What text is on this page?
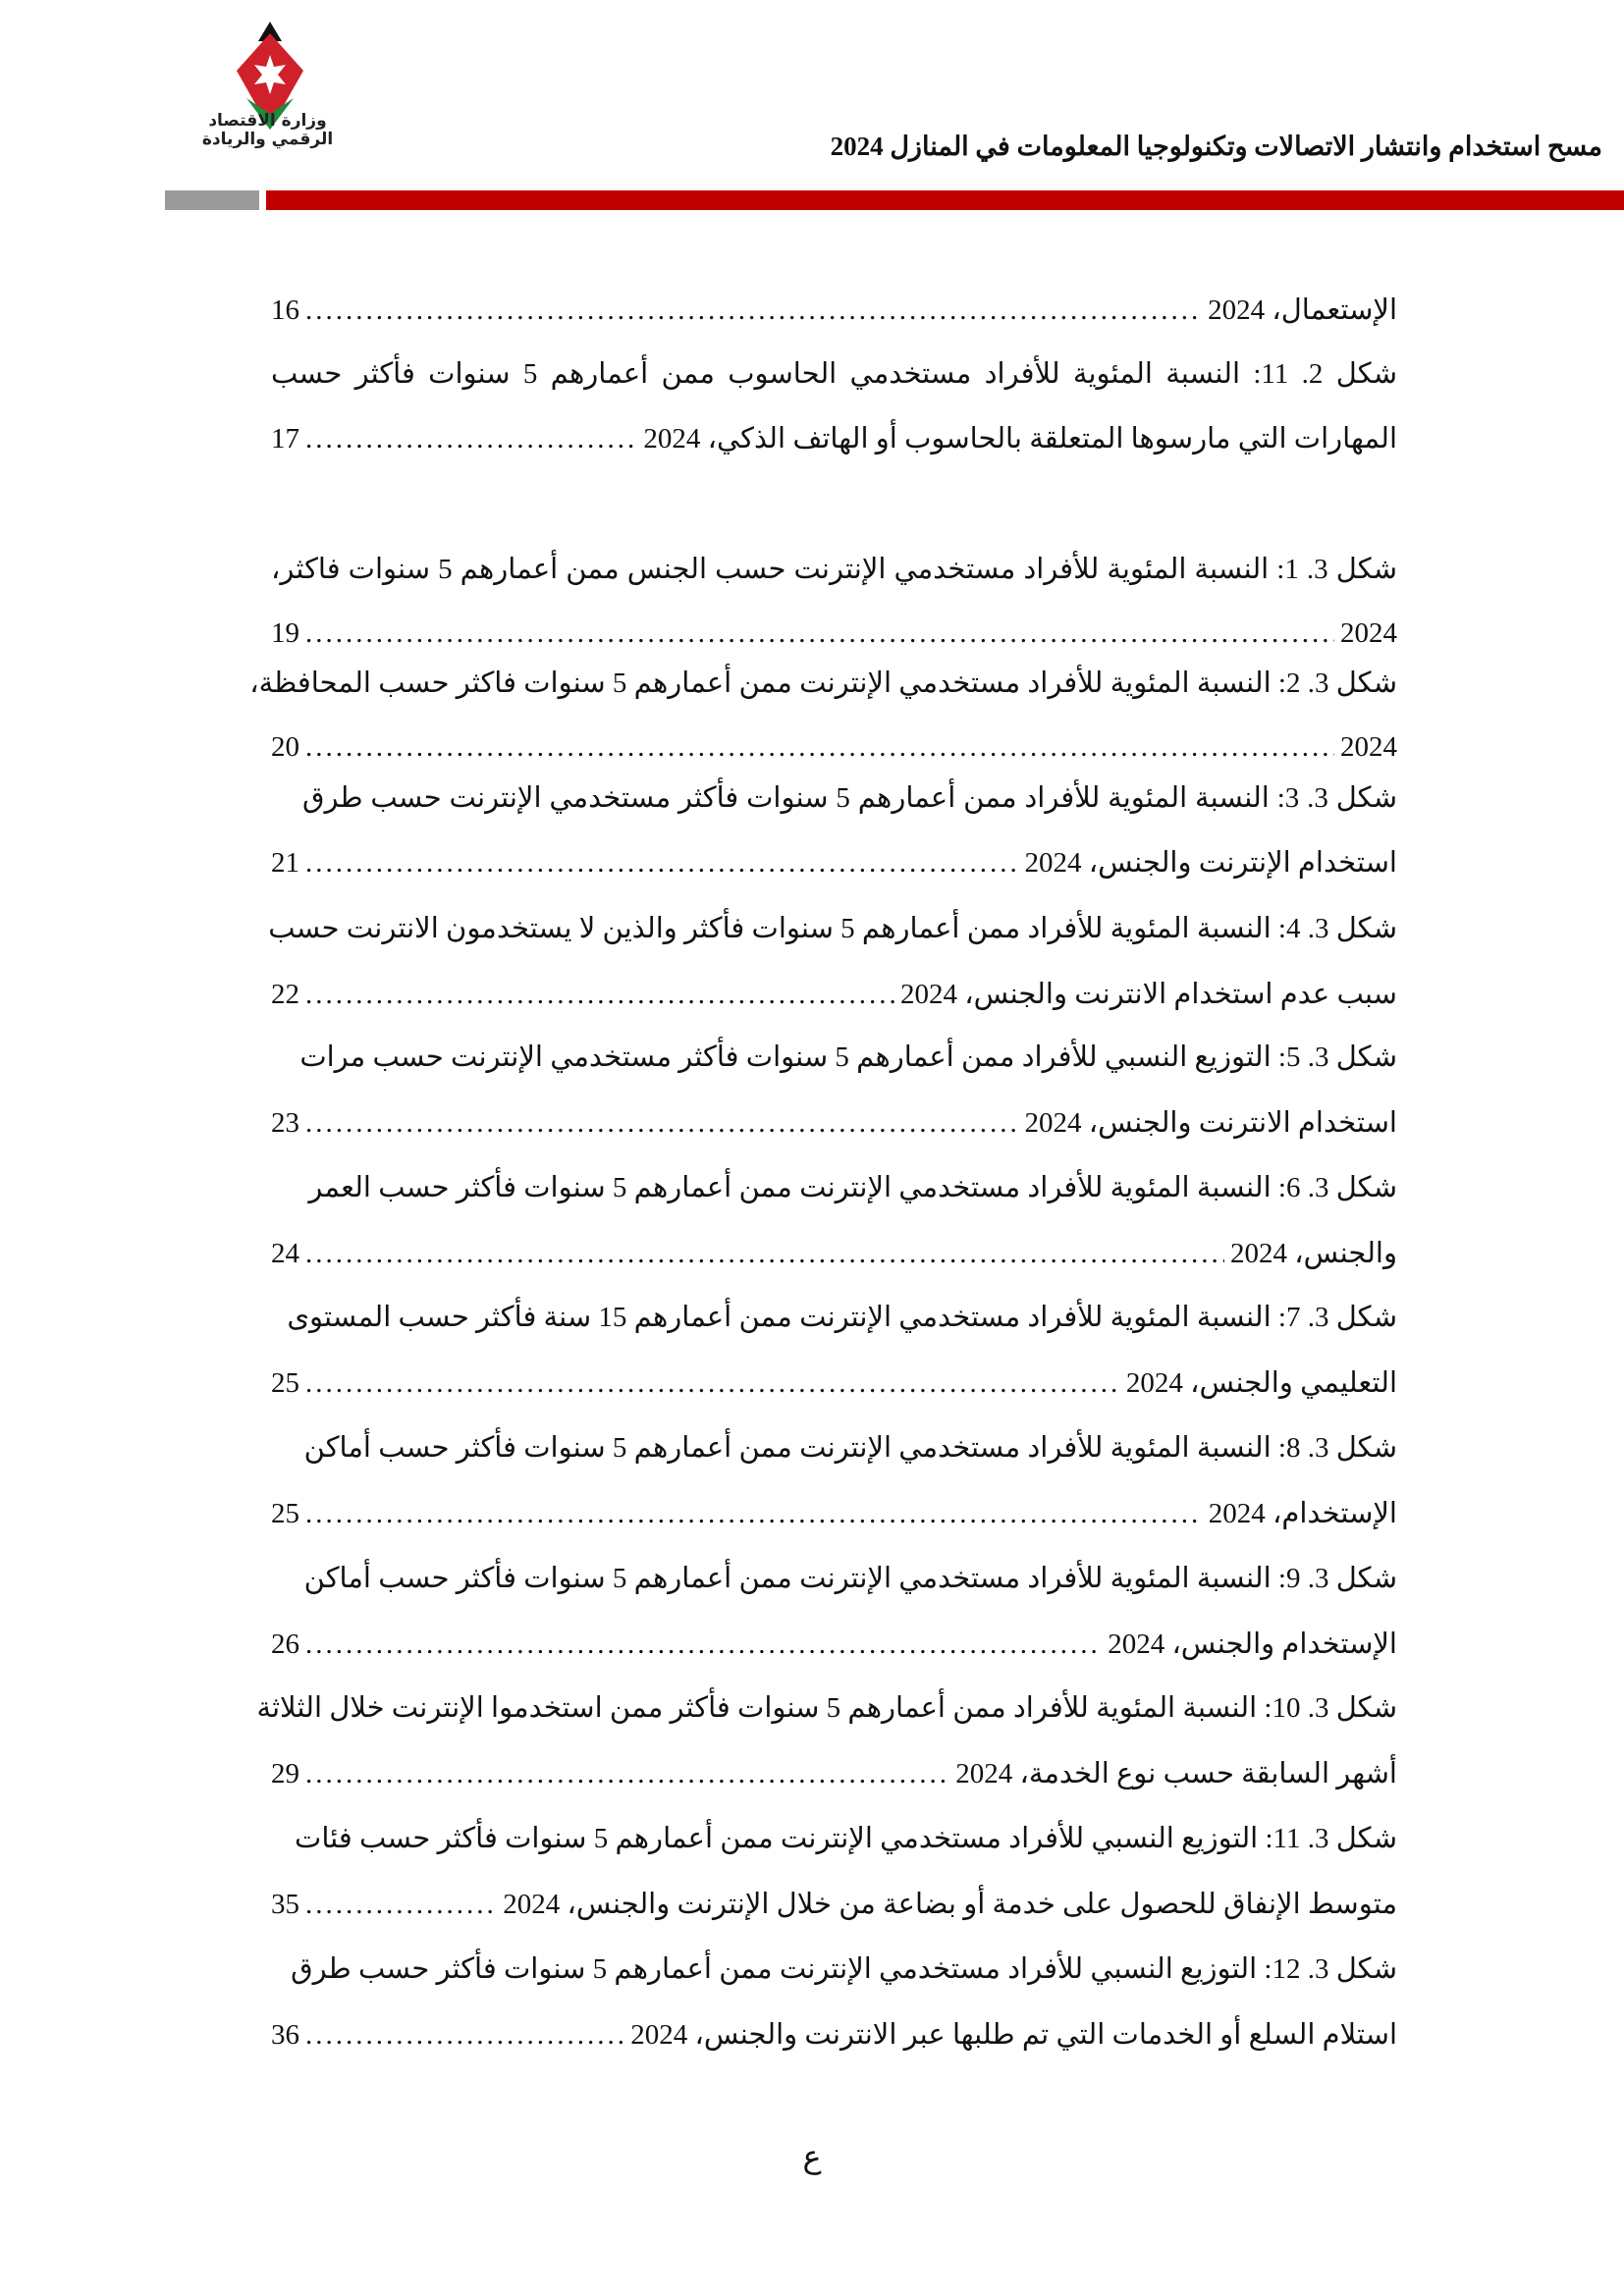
وزارة الاقتصاد
الرقمي والريادة	مسح استخدام وانتشار الاتصالات وتكنولوجيا المعلومات في المنازل 2024
الإستعمال، 2024
.....
16
شكل 2. 11: النسبة المئوية للأفراد مستخدمي الحاسوب ممن أعمارهم 5 سنوات فأكثر حسب
المهارات التي مارسوها المتعلقة بالحاسوب أو الهاتف الذكي، 2024
.....
17
شكل 3. 1: النسبة المئوية للأفراد مستخدمي الإنترنت حسب الجنس ممن أعمارهم 5 سنوات فاكثر،
2024
.....
19
شكل 3. 2: النسبة المئوية للأفراد مستخدمي الإنترنت ممن أعمارهم 5 سنوات فاكثر حسب المحافظة،
2024
.....
20
شكل 3. 3: النسبة المئوية للأفراد ممن أعمارهم 5 سنوات فأكثر مستخدمي الإنترنت حسب طرق
استخدام الإنترنت والجنس، 2024
.....
21
شكل 3. 4: النسبة المئوية للأفراد ممن أعمارهم 5 سنوات فأكثر والذين لا يستخدمون الانترنت حسب
سبب عدم استخدام الانترنت والجنس، 2024
.....
22
شكل 3. 5: التوزيع النسبي للأفراد ممن أعمارهم 5 سنوات فأكثر مستخدمي الإنترنت حسب مرات
استخدام الانترنت والجنس، 2024
.....
23
شكل 3. 6: النسبة المئوية للأفراد مستخدمي الإنترنت ممن أعمارهم 5 سنوات فأكثر حسب العمر
والجنس، 2024
.....
24
شكل 3. 7: النسبة المئوية للأفراد مستخدمي الإنترنت ممن أعمارهم 15 سنة فأكثر حسب المستوى
التعليمي والجنس، 2024
.....
25
شكل 3. 8: النسبة المئوية للأفراد مستخدمي الإنترنت ممن أعمارهم 5 سنوات فأكثر حسب أماكن
الإستخدام، 2024
.....
25
شكل 3. 9: النسبة المئوية للأفراد مستخدمي الإنترنت ممن أعمارهم 5 سنوات فأكثر حسب أماكن
الإستخدام والجنس، 2024
.....
26
شكل 3. 10: النسبة المئوية للأفراد ممن أعمارهم 5 سنوات فأكثر ممن استخدموا الإنترنت خلال الثلاثة
أشهر السابقة حسب نوع الخدمة، 2024
.....
29
شكل 3. 11: التوزيع النسبي للأفراد مستخدمي الإنترنت ممن أعمارهم 5 سنوات فأكثر حسب فئات
متوسط الإنفاق للحصول على خدمة أو بضاعة من خلال الإنترنت والجنس، 2024
.....
35
شكل 3. 12: التوزيع النسبي للأفراد مستخدمي الإنترنت ممن أعمارهم 5 سنوات فأكثر حسب طرق
استلام السلع أو الخدمات التي تم طلبها عبر الانترنت والجنس، 2024
.....
36
ع
